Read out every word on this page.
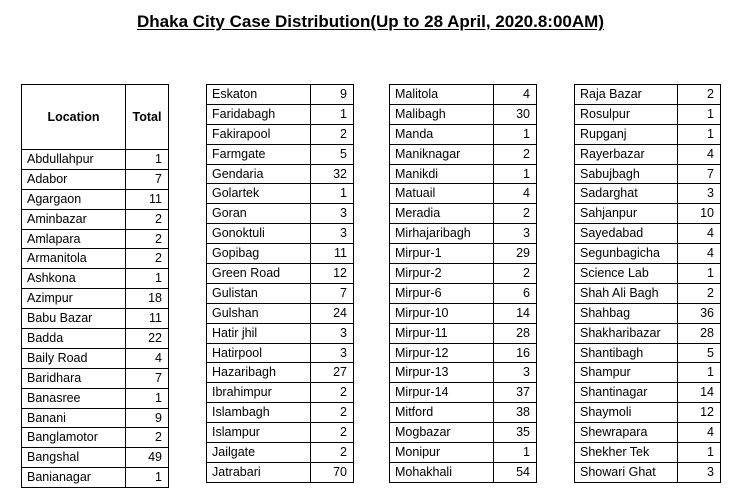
Dhaka City Case Distribution(Up to 28 April, 2020.8:00AM)
Location	Total
Abdullahpur	1
Adabor	7
Agargaon	11
Aminbazar	2
Amlapara	2
Armanitola	2
Ashkona	1
Azimpur	18
Babu Bazar	11
Badda	22
Baily Road	4
Baridhara	7
Banasree	1
Banani	9
Banglamotor	2
Bangshal	49
Banianagar	1
Eskaton	9
Faridabagh	1
Fakirapool	2
Farmgate	5
Gendaria	32
Golartek	1
Goran	3
Gonoktuli	3
Gopibag	11
Green Road	12
Gulistan	7
Gulshan	24
Hatir jhil	3
Hatirpool	3
Hazaribagh	27
Ibrahimpur	2
Islambagh	2
Islampur	2
Jailgate	2
Jatrabari	70
Malitola	4
Malibagh	30
Manda	1
Maniknagar	2
Manikdi	1
Matuail	4
Meradia	2
Mirhajaribagh	3
Mirpur-1	29
Mirpur-2	2
Mirpur-6	6
Mirpur-10	14
Mirpur-11	28
Mirpur-12	16
Mirpur-13	3
Mirpur-14	37
Mitford	38
Mogbazar	35
Monipur	1
Mohakhali	54
Raja Bazar	2
Rosulpur	1
Rupganj	1
Rayerbazar	4
Sabujbagh	7
Sadarghat	3
Sahjanpur	10
Sayedabad	4
Segunbagicha	4
Science Lab	1
Shah Ali Bagh	2
Shahbag	36
Shakharibazar	28
Shantibagh	5
Shampur	1
Shantinagar	14
Shaymoli	12
Shewrapara	4
Shekher Tek	1
Showari Ghat	3
